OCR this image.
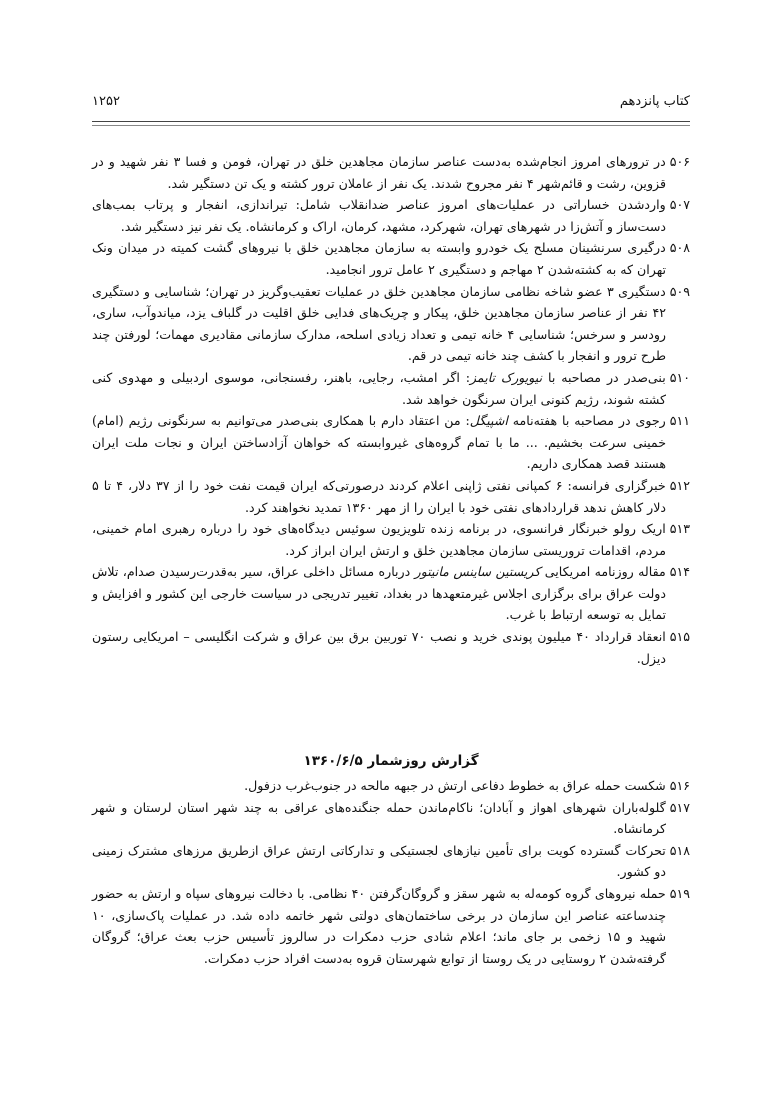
کتاب پانزدهم
۱۲۵۲

۵۰۶در ترورهای امروز انجام‌شده به‌دست عناصر سازمان مجاهدین خلق در تهران، فومن و فسا ۳ نفر شهید و در قزوین، رشت و قائم‌شهر ۴ نفر مجروح شدند. یک نفر از عاملان ترور کشته و یک تن دستگیر شد.

۵۰۷واردشدن خساراتی در عملیات‌های امروز عناصر ضدانقلاب شامل: تیراندازی، انفجار و پرتاب بمب‌های دست‌ساز و آتش‌زا در شهرهای تهران، شهرکرد، مشهد، کرمان، اراک و کرمانشاه. یک نفر نیز دستگیر شد.

۵۰۸درگیری سرنشینان مسلح یک خودرو وابسته به سازمان مجاهدین خلق با نیروهای گشت کمیته در میدان ونک تهران که به کشته‌شدن ۲ مهاجم و دستگیری ۲ عامل ترور انجامید.

۵۰۹دستگیری ۳ عضو شاخه نظامی سازمان مجاهدین خلق در عملیات تعقیب‌وگریز در تهران؛ شناسایی و دستگیری ۴۲ نفر از عناصر سازمان مجاهدین خلق، پیکار و چریک‌های فدایی خلق اقلیت در گلباف یزد، میاندوآب، ساری، رودسر و سرخس؛ شناسایی ۴ خانه تیمی و تعداد زیادی اسلحه، مدارک سازمانی مقادیری مهمات؛ لورفتن چند طرح ترور و انفجار با کشف چند خانه تیمی در قم.

۵۱۰بنی‌صدر در مصاحبه با نیویورک تایمز: اگر امشب، رجایی، باهنر، رفسنجانی، موسوی اردبیلی و مهدوی کنی کشته شوند، رژیم کنونی ایران سرنگون خواهد شد.

۵۱۱رجوی در مصاحبه با هفته‌نامه اشپیگل: من اعتقاد دارم با همکاری بنی‌صدر می‌توانیم به سرنگونی رژیم (امام) خمینی سرعت بخشیم. ... ما با تمام گروه‌های غیروابسته که خواهان آزادساختن ایران و نجات ملت ایران هستند قصد همکاری داریم.

۵۱۲خبرگزاری فرانسه: ۶ کمپانی نفتی ژاپنی اعلام کردند درصورتی‌که ایران قیمت نفت خود را از ۳۷ دلار، ۴ تا ۵ دلار کاهش ندهد قراردادهای نفتی خود با ایران را از مهر ۱۳۶۰ تمدید نخواهند کرد.

۵۱۳اریک رولو خبرنگار فرانسوی، در برنامه زنده تلویزیون سوئیس دیدگاه‌های خود را درباره رهبری امام خمینی، مردم، اقدامات تروریستی سازمان مجاهدین خلق و ارتش ایران ابراز کرد.

۵۱۴مقاله روزنامه امریکایی کریستین ساینس مانیتور درباره مسائل داخلی عراق، سیر به‌قدرت‌رسیدن صدام، تلاش دولت عراق برای برگزاری اجلاس غیرمتعهدها در بغداد، تغییر تدریجی در سیاست خارجی این کشور و افزایش و تمایل به توسعه ارتباط با غرب.

۵۱۵انعقاد قرارداد ۴۰ میلیون پوندی خرید و نصب ۷۰ توربین برق بین عراق و شرکت انگلیسی – امریکایی رستون دیزل.

گزارش روزشمار ۱۳۶۰/۶/۵

۵۱۶شکست حمله عراق به خطوط دفاعی ارتش در جبهه مالحه در جنوب‌غرب دزفول.

۵۱۷گلوله‌باران شهرهای اهواز و آبادان؛ ناکام‌ماندن حمله جنگنده‌های عراقی به چند شهر استان لرستان و شهر کرمانشاه.

۵۱۸تحرکات گسترده کویت برای تأمین نیازهای لجستیکی و تدارکاتی ارتش عراق ازطریق مرزهای مشترک زمینی دو کشور.

۵۱۹حمله نیروهای گروه کومه‌له به شهر سقز و گروگان‌گرفتن ۴۰ نظامی. با دخالت نیروهای سپاه و ارتش به حضور چندساعته عناصر این سازمان در برخی ساختمان‌های دولتی شهر خاتمه داده شد. در عملیات پاک‌سازی، ۱۰ شهید و ۱۵ زخمی بر جای ماند؛ اعلام شادی حزب دمکرات در سالروز تأسیس حزب بعث عراق؛ گروگان گرفته‌شدن ۲ روستایی در یک روستا از توابع شهرستان قروه به‌دست افراد حزب دمکرات.
